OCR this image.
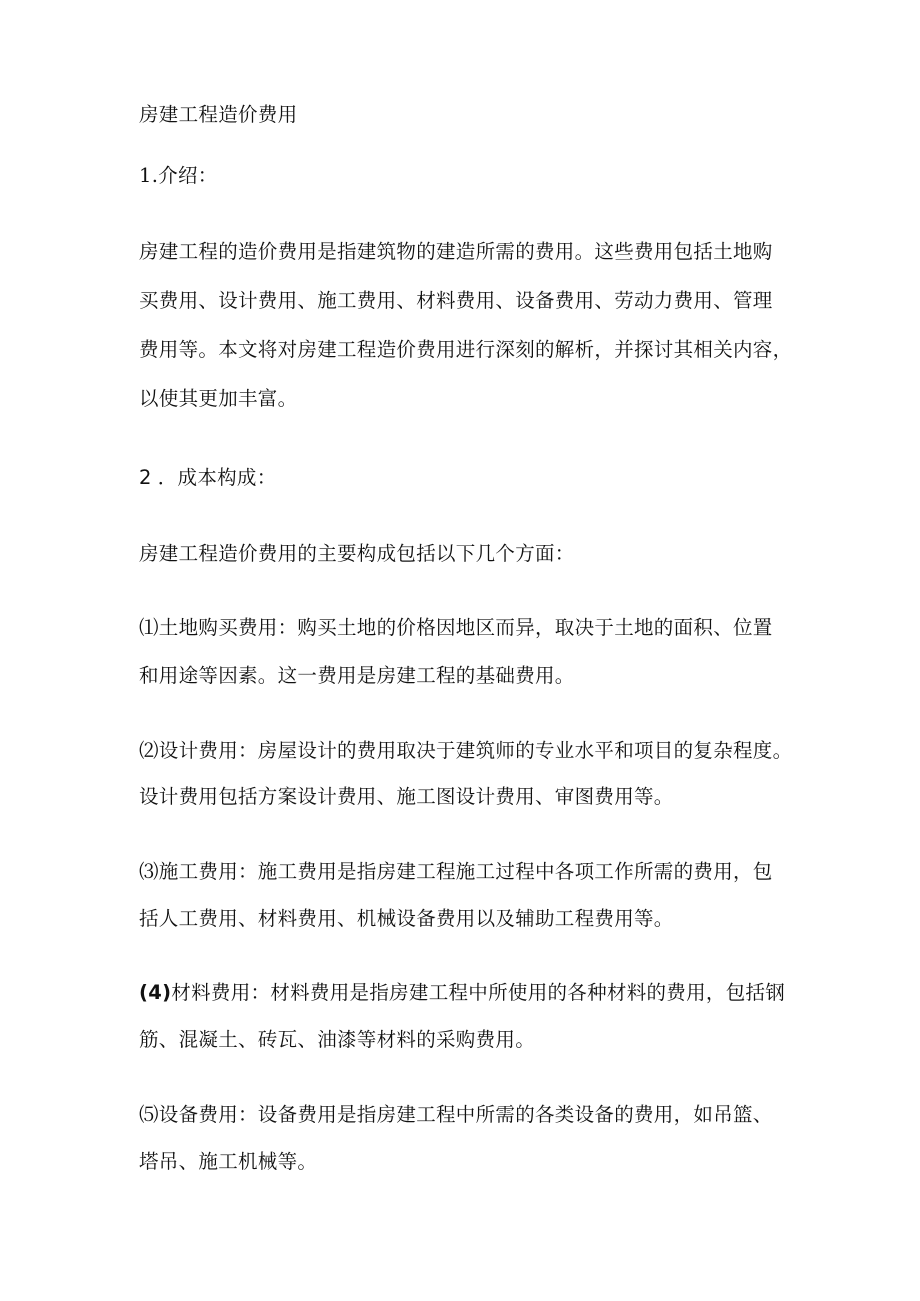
房建工程造价费用
1.介绍：
房建工程的造价费用是指建筑物的建造所需的费用。这些费用包括土地购
买费用、设计费用、施工费用、材料费用、设备费用、劳动力费用、管理
费用等。本文将对房建工程造价费用进行深刻的解析，并探讨其相关内容，
以使其更加丰富。
2 ．成本构成：
房建工程造价费用的主要构成包括以下几个方面：
⑴土地购买费用：购买土地的价格因地区而异，取决于土地的面积、位置
和用途等因素。这一费用是房建工程的基础费用。
⑵设计费用：房屋设计的费用取决于建筑师的专业水平和项目的复杂程度。
设计费用包括方案设计费用、施工图设计费用、审图费用等。
⑶施工费用：施工费用是指房建工程施工过程中各项工作所需的费用，包
括人工费用、材料费用、机械设备费用以及辅助工程费用等。
(4)材料费用：材料费用是指房建工程中所使用的各种材料的费用，包括钢
筋、混凝土、砖瓦、油漆等材料的采购费用。
⑸设备费用：设备费用是指房建工程中所需的各类设备的费用，如吊篮、
塔吊、施工机械等。
